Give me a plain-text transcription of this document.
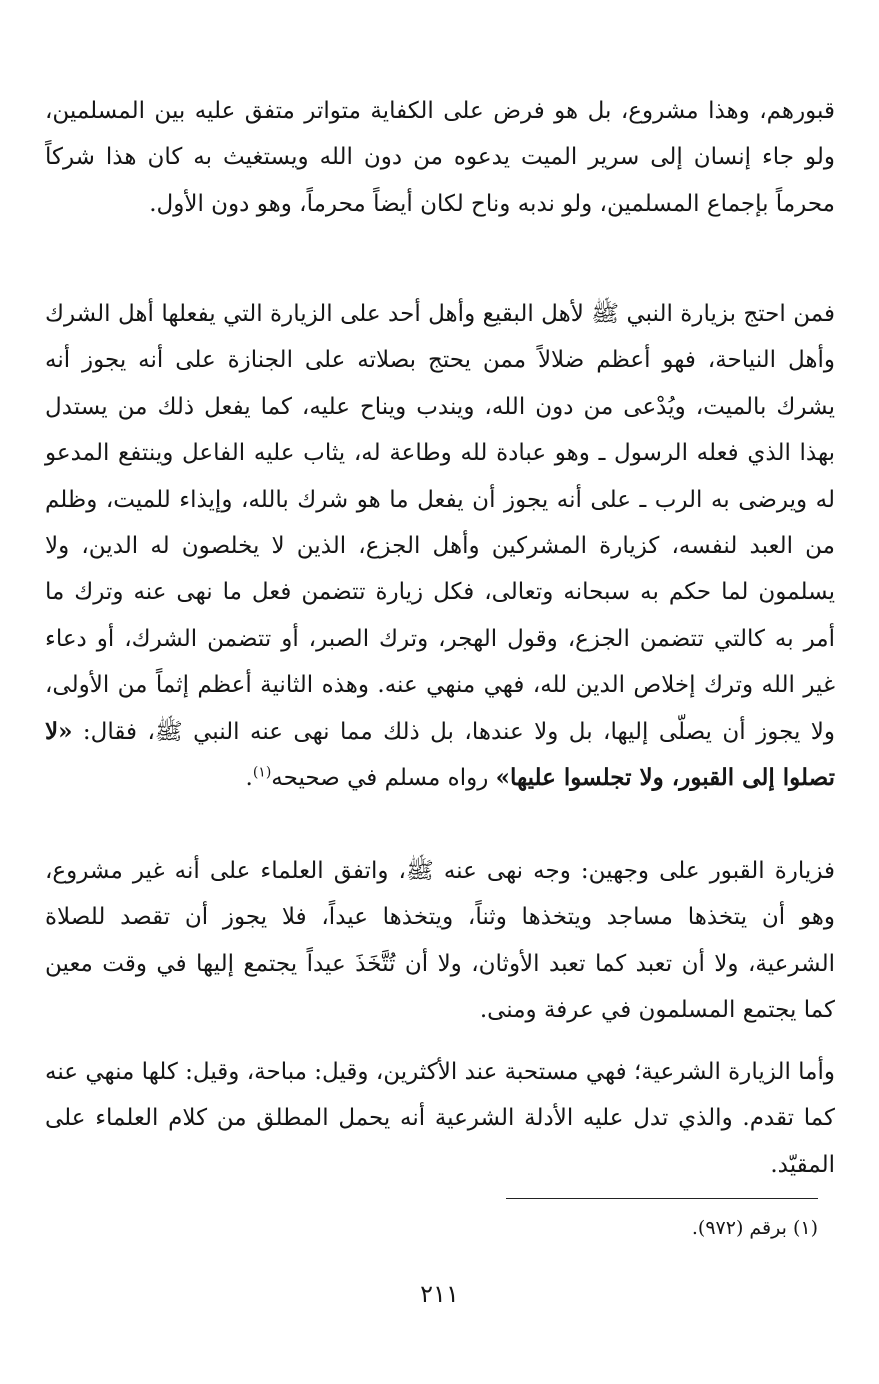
قبورهم، وهذا مشروع، بل هو فرض على الكفاية متواتر متفق عليه بين المسلمين، ولو جاء إنسان إلى سرير الميت يدعوه من دون الله ويستغيث به كان هذا شركاً محرماً بإجماع المسلمين، ولو ندبه وناح لكان أيضاً محرماً، وهو دون الأول.

فمن احتج بزيارة النبي ﷺ لأهل البقيع وأهل أحد على الزيارة التي يفعلها أهل الشرك وأهل النياحة، فهو أعظم ضلالاً ممن يحتج بصلاته على الجنازة على أنه يجوز أنه يشرك بالميت، ويُدْعى من دون الله، ويندب ويناح عليه، كما يفعل ذلك من يستدل بهذا الذي فعله الرسول ـ وهو عبادة لله وطاعة له، يثاب عليه الفاعل وينتفع المدعو له ويرضى به الرب ـ على أنه يجوز أن يفعل ما هو شرك بالله، وإيذاء للميت، وظلم من العبد لنفسه، كزيارة المشركين وأهل الجزع، الذين لا يخلصون له الدين، ولا يسلمون لما حكم به سبحانه وتعالى، فكل زيارة تتضمن فعل ما نهى عنه وترك ما أمر به كالتي تتضمن الجزع، وقول الهجر، وترك الصبر، أو تتضمن الشرك، أو دعاء غير الله وترك إخلاص الدين لله، فهي منهي عنه. وهذه الثانية أعظم إثماً من الأولى، ولا يجوز أن يصلّى إليها، بل ولا عندها، بل ذلك مما نهى عنه النبي ﷺ، فقال: «لا تصلوا إلى القبور، ولا تجلسوا عليها» رواه مسلم في صحيحه$^{(١)}$.

فزيارة القبور على وجهين: وجه نهى عنه ﷺ، واتفق العلماء على أنه غير مشروع، وهو أن يتخذها مساجد ويتخذها وثناً، ويتخذها عيداً، فلا يجوز أن تقصد للصلاة الشرعية، ولا أن تعبد كما تعبد الأوثان، ولا أن تُتَّخَذَ عيداً يجتمع إليها في وقت معين كما يجتمع المسلمون في عرفة ومنى.

وأما الزيارة الشرعية؛ فهي مستحبة عند الأكثرين، وقيل: مباحة، وقيل: كلها منهي عنه كما تقدم. والذي تدل عليه الأدلة الشرعية أنه يحمل المطلق من كلام العلماء على المقيّد.

(١) برقم (٩٧٢).

٢١١
